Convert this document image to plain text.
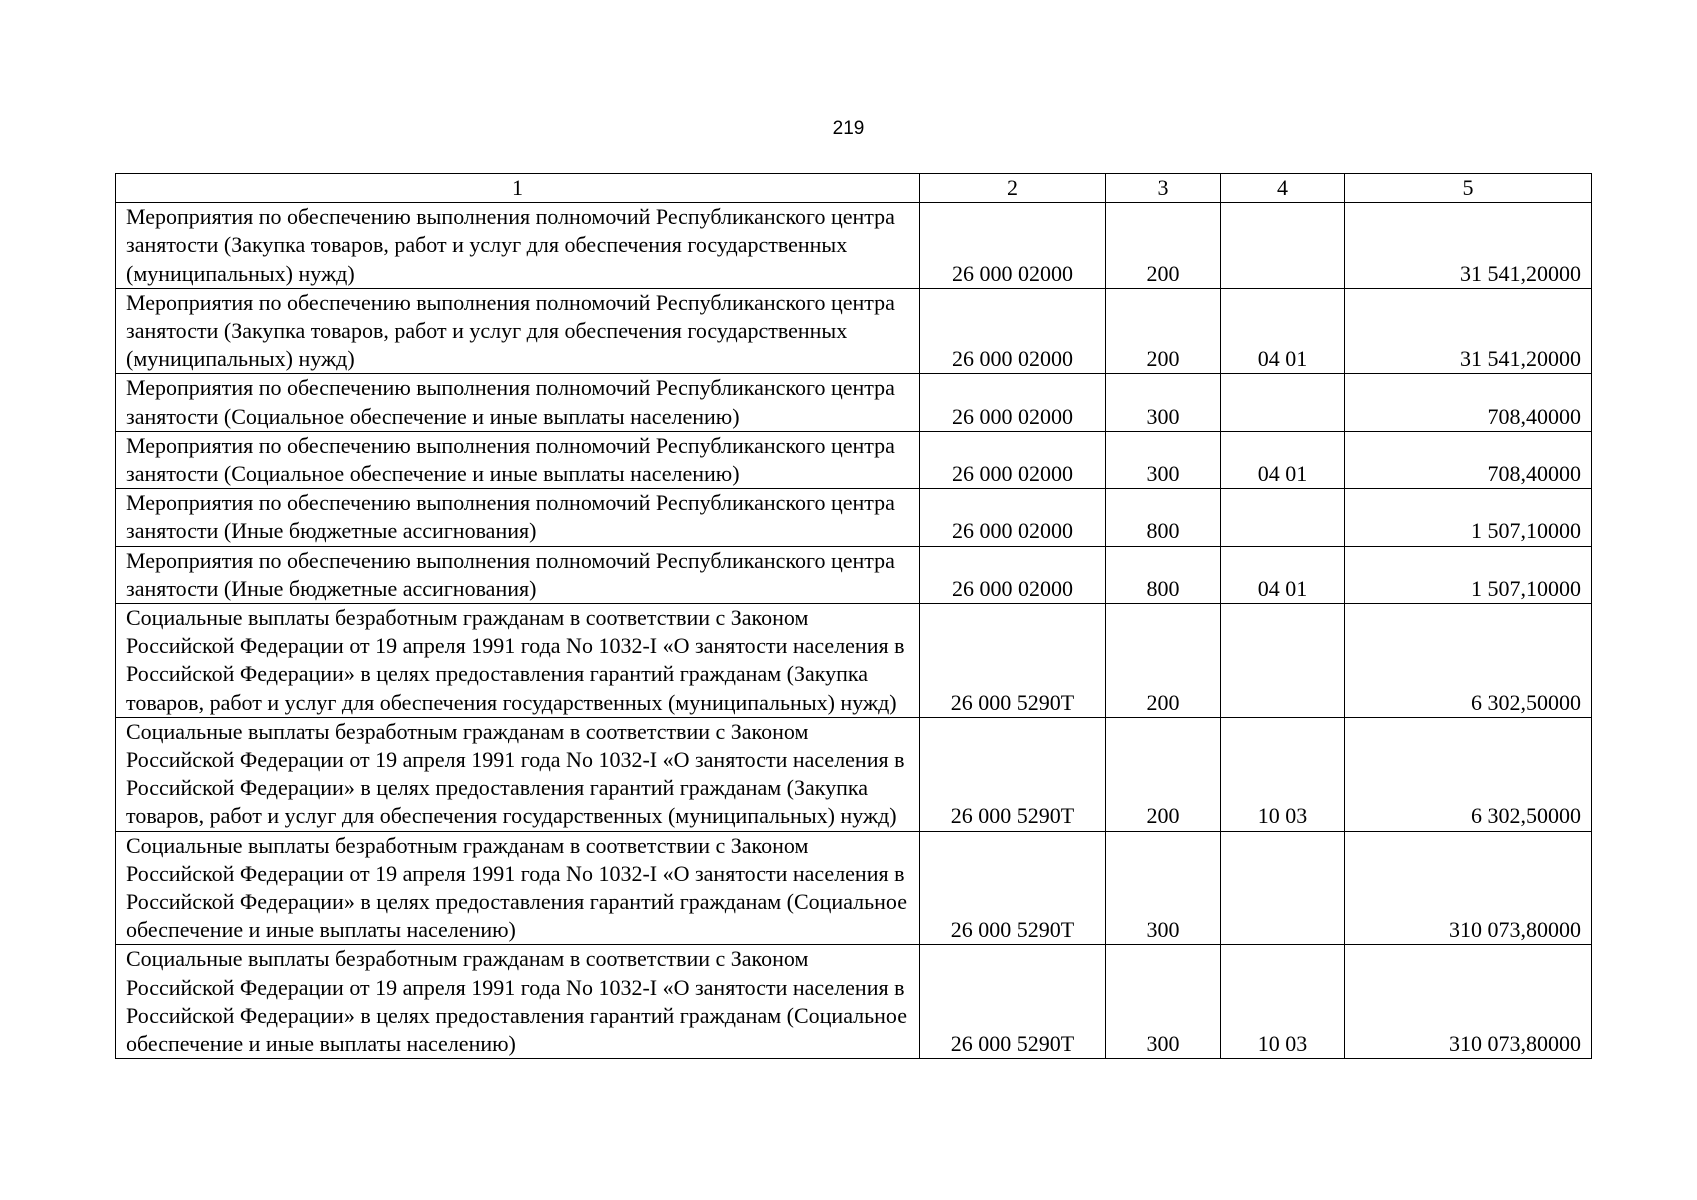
219
1	2	3	4	5
Мероприятия по обеспечению выполнения полномочий Республиканского центра занятости (Закупка товаров, работ и услуг для обеспечения государственных (муниципальных) нужд)	26 000 02000	200		31 541,20000
Мероприятия по обеспечению выполнения полномочий Республиканского центра занятости (Закупка товаров, работ и услуг для обеспечения государственных (муниципальных) нужд)	26 000 02000	200	04 01	31 541,20000
Мероприятия по обеспечению выполнения полномочий Республиканского центра занятости (Социальное обеспечение и иные выплаты населению)	26 000 02000	300		708,40000
Мероприятия по обеспечению выполнения полномочий Республиканского центра занятости (Социальное обеспечение и иные выплаты населению)	26 000 02000	300	04 01	708,40000
Мероприятия по обеспечению выполнения полномочий Республиканского центра занятости (Иные бюджетные ассигнования)	26 000 02000	800		1 507,10000
Мероприятия по обеспечению выполнения полномочий Республиканского центра занятости (Иные бюджетные ассигнования)	26 000 02000	800	04 01	1 507,10000
Социальные выплаты безработным гражданам в соответствии с Законом Российской Федерации от 19 апреля 1991 года No 1032-I «О занятости населения в Российской Федерации» в целях предоставления гарантий гражданам (Закупка товаров, работ и услуг для обеспечения государственных (муниципальных) нужд)	26 000 5290Т	200		6 302,50000
Социальные выплаты безработным гражданам в соответствии с Законом Российской Федерации от 19 апреля 1991 года No 1032-I «О занятости населения в Российской Федерации» в целях предоставления гарантий гражданам (Закупка товаров, работ и услуг для обеспечения государственных (муниципальных) нужд)	26 000 5290Т	200	10 03	6 302,50000
Социальные выплаты безработным гражданам в соответствии с Законом Российской Федерации от 19 апреля 1991 года No 1032-I «О занятости населения в Российской Федерации» в целях предоставления гарантий гражданам (Социальное обеспечение и иные выплаты населению)	26 000 5290Т	300		310 073,80000
Социальные выплаты безработным гражданам в соответствии с Законом Российской Федерации от 19 апреля 1991 года No 1032-I «О занятости населения в Российской Федерации» в целях предоставления гарантий гражданам (Социальное обеспечение и иные выплаты населению)	26 000 5290Т	300	10 03	310 073,80000
